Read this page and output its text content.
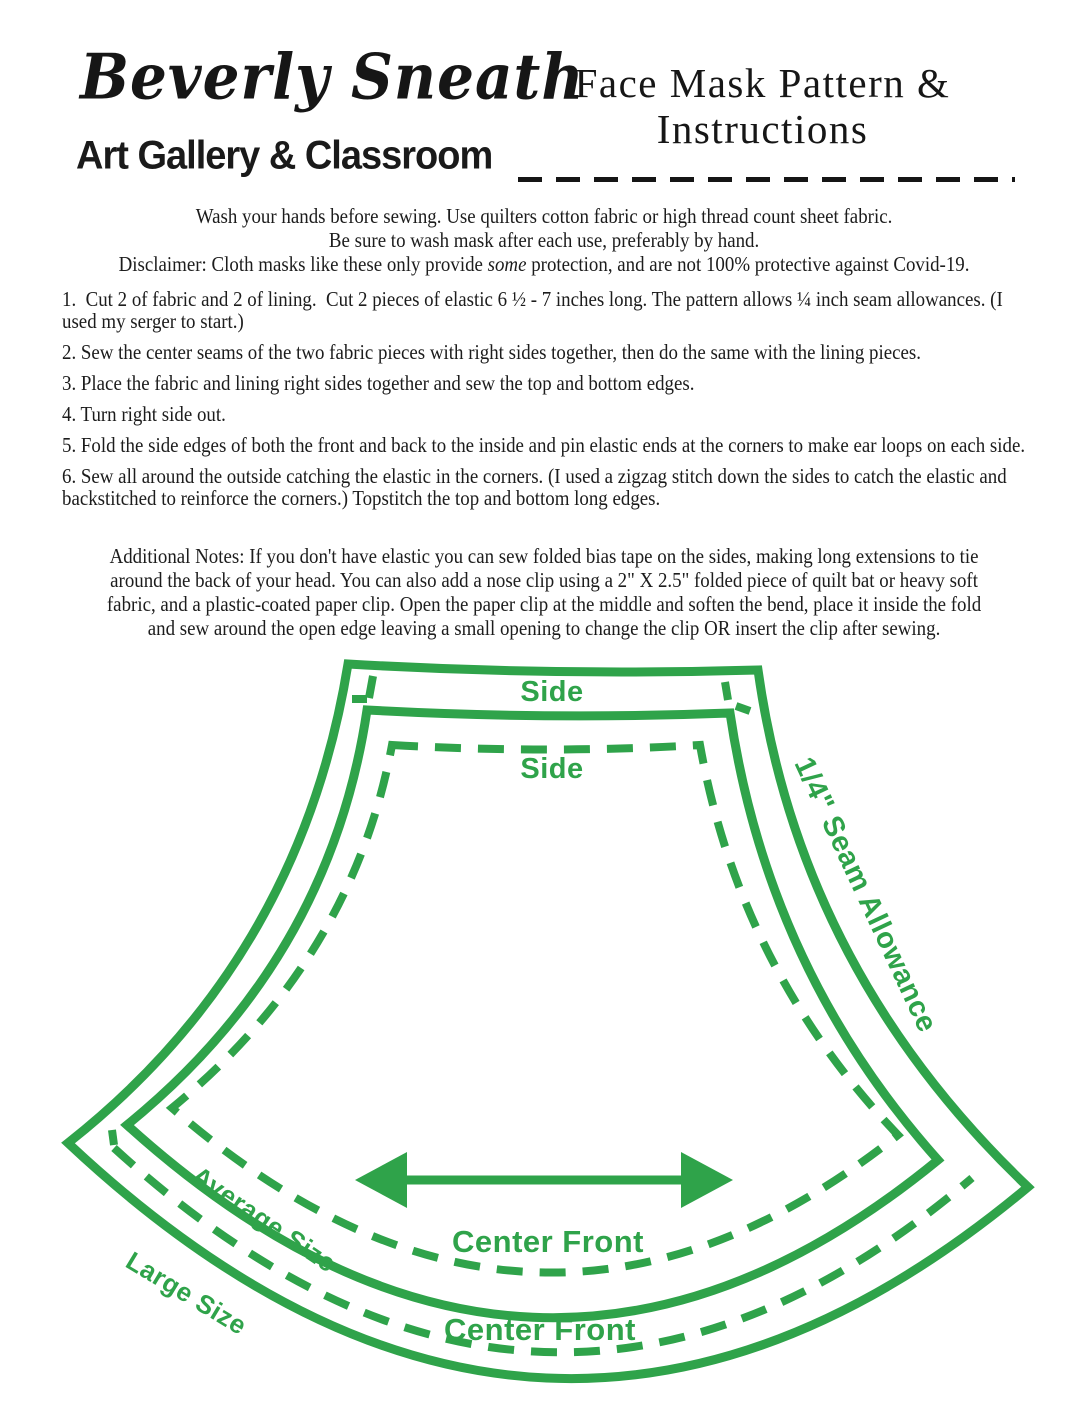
Beverly Sneath
Art Gallery & Classroom
Face Mask Pattern &
Instructions
Wash your hands before sewing. Use quilters cotton fabric or high thread count sheet fabric.
Be sure to wash mask after each use, preferably by hand.
Disclaimer: Cloth masks like these only provide some protection, and are not 100% protective against Covid-19.

1.  Cut 2 of fabric and 2 of lining.  Cut 2 pieces of elastic 6 ½ - 7 inches long. The pattern allows ¼ inch seam allowances. (I used my serger to start.)

2. Sew the center seams of the two fabric pieces with right sides together, then do the same with the lining pieces.

3. Place the fabric and lining right sides together and sew the top and bottom edges.

4. Turn right side out.

5. Fold the side edges of both the front and back to the inside and pin elastic ends at the corners to make ear loops on each side.

6. Sew all around the outside catching the elastic in the corners. (I used a zigzag stitch down the sides to catch the elastic and backstitched to reinforce the corners.) Topstitch the top and bottom long edges.

Additional Notes: If you don't have elastic you can sew folded bias tape on the sides, making long extensions to tie
around the back of your head. You can also add a nose clip using a 2" X 2.5" folded piece of quilt bat or heavy soft
fabric, and a plastic-coated paper clip. Open the paper clip at the middle and soften the bend, place it inside the fold
and sew around the open edge leaving a small opening to change the clip OR insert the clip after sewing.
Side
Side	1/4" Seam Allowance
Average Size
Large Size
Center Front
Center Front
